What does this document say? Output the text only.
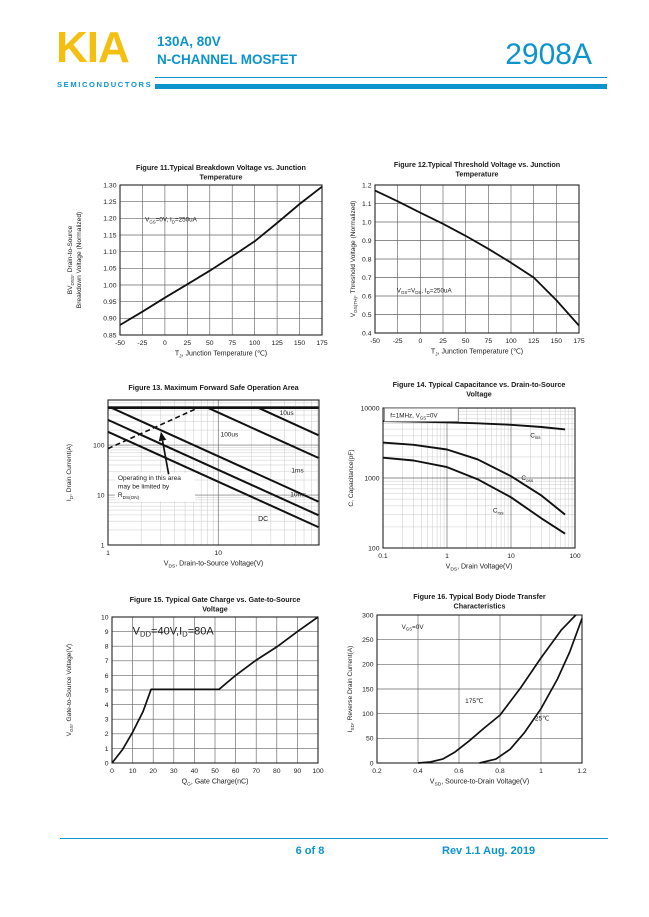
KIA
SEMICONDUCTORS
130A, 80V
N-CHANNEL MOSFET	2908A
-50 -25 0 25 50 75 100 125 150 175
0.85
0.90
0.95
1.00
1.05
1.10
1.15
1.20
1.25
1.30
Figure 11.Typical Breakdown Voltage vs. Junction
Temperature
$T_J$, Junction Temperature (℃)
$BV_{DSS}$, Drain-to-Source Breakdown Voltage (Normalized)	$V_{GS}=0V$, $I_D=250uA$
-50 -25 0 25 50 75 100 125 150 175
0.4
0.5
0.6
0.7
0.8
0.9
1.0
1.1
1.2
Figure 12.Typical Threshold Voltage vs. Junction
Temperature
$T_J$, Junction Temperature (℃)
$V_{GS(TH)}$, Threshold Voltage (Normalized)	$V_{GS}=V_{DS}$, $I_D=250uA$
1	10
1
10
100
Figure 13. Maximum Forward Safe Operation Area
$V_{DS}$, Drain-to-Source Voltage(V)
$I_D$, Drain Current(A)	Operating in this area
may be limited by
$R_{DS(ON)}$
10us
100us
1ms
10ms
DC
0.1	1	10	100
100
1000
10000
Figure 14. Typical Capacitance vs. Drain-to-Source
Voltage
$V_{DS}$, Drain Voltage(V)
C, Capacitance(pF)
f=1MHz, $V_{GS}=0V$
$C_{iss}$
$C_{oss}$
$C_{rss}$
0 10 20 30 40 50 60 70 80 90 100
0
1
2
3
4
5
6
7
8
9
10
Figure 15. Typical Gate Charge vs. Gate-to-Source
Voltage
$Q_G$, Gate Charge(nC)
$V_{GS}$, Gate-to-Source Voltage(V)
VDD=40V,ID=80A
0.2	0.4	0.6	0.8	1	1.2
0
50
100
150
200
250
300
Figure 16. Typical Body Diode Transfer
Characteristics
$V_{SD}$, Source-to-Drain Voltage(V)
$I_{SD}$, Reverse Drain Current(A)
$V_{GS}=0V$
175℃
25℃
6 of 8	Rev 1.1 Aug. 2019
